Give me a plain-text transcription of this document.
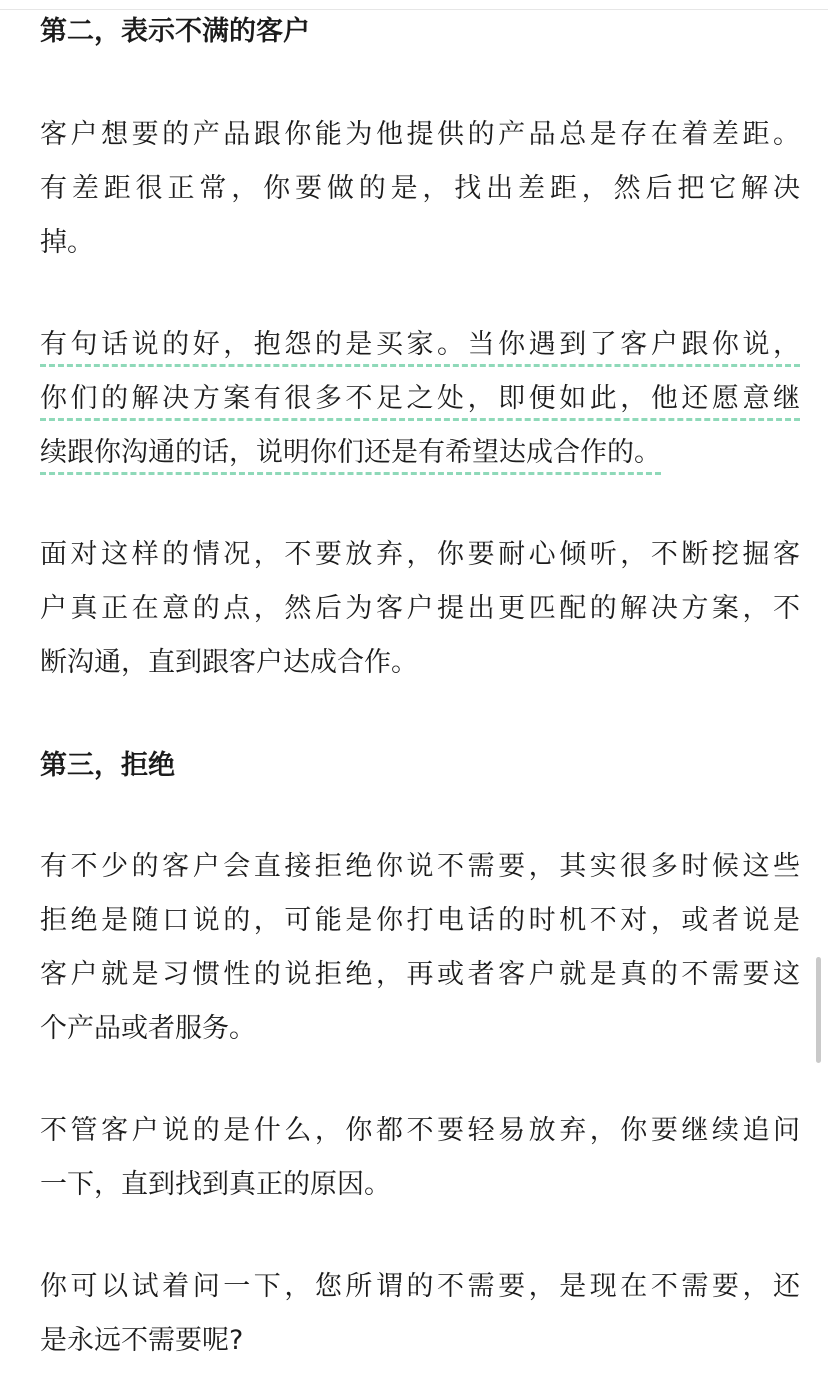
第二，表示不满的客户
客户想要的产品跟你能为他提供的产品总是存在着差距。
有差距很正常，你要做的是，找出差距，然后把它解决
掉。
有句话说的好，抱怨的是买家。当你遇到了客户跟你说，
你们的解决方案有很多不足之处，即便如此，他还愿意继
续跟你沟通的话，说明你们还是有希望达成合作的。
面对这样的情况，不要放弃，你要耐心倾听，不断挖掘客
户真正在意的点，然后为客户提出更匹配的解决方案，不
断沟通，直到跟客户达成合作。
第三，拒绝
有不少的客户会直接拒绝你说不需要，其实很多时候这些
拒绝是随口说的，可能是你打电话的时机不对，或者说是
客户就是习惯性的说拒绝，再或者客户就是真的不需要这
个产品或者服务。
不管客户说的是什么，你都不要轻易放弃，你要继续追问
一下，直到找到真正的原因。
你可以试着问一下，您所谓的不需要，是现在不需要，还
是永远不需要呢?
